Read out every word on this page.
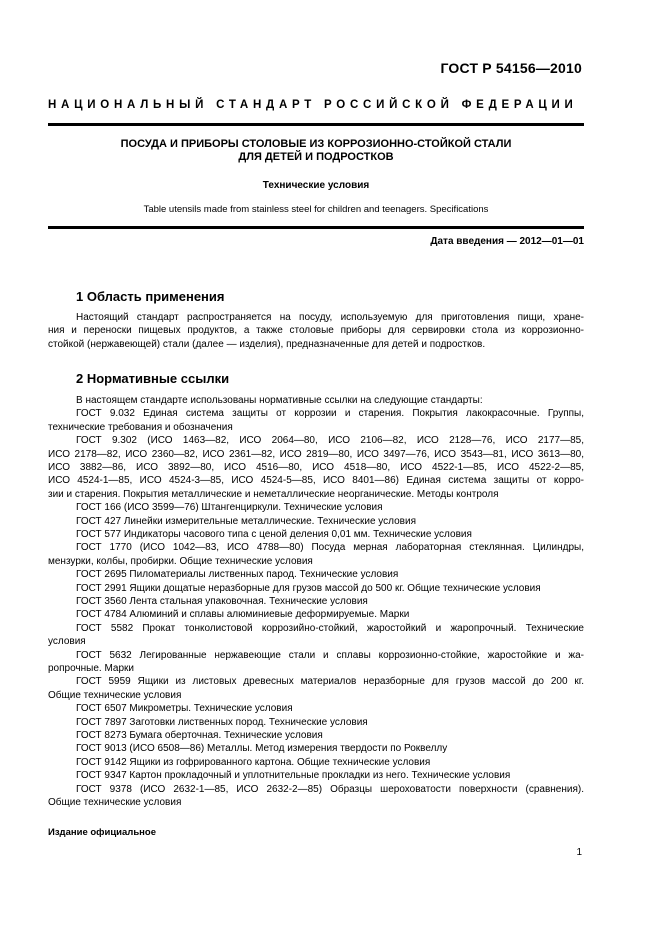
ГОСТ Р 54156—2010
НАЦИОНАЛЬНЫЙ СТАНДАРТ РОССИЙСКОЙ ФЕДЕРАЦИИ
ПОСУДА И ПРИБОРЫ СТОЛОВЫЕ ИЗ КОРРОЗИОННО-СТОЙКОЙ СТАЛИ
ДЛЯ ДЕТЕЙ И ПОДРОСТКОВ
Технические условия
Table utensils made from stainless steel for children and teenagers. Specifications
Дата введения — 2012—01—01
1 Область применения
Настоящий стандарт распространяется на посуду, используемую для приготовления пищи, хране-
ния и переноски пищевых продуктов, а также столовые приборы для сервировки стола из коррозионно-
стойкой (нержавеющей) стали (далее — изделия), предназначенные для детей и подростков.
2 Нормативные ссылки
В настоящем стандарте использованы нормативные ссылки на следующие стандарты:
ГОСТ 9.032 Единая система защиты от коррозии и старения. Покрытия лакокрасочные. Группы,
технические требования и обозначения
ГОСТ 9.302 (ИСО 1463—82, ИСО 2064—80, ИСО 2106—82, ИСО 2128—76, ИСО 2177—85,
ИСО 2178—82, ИСО 2360—82, ИСО 2361—82, ИСО 2819—80, ИСО 3497—76, ИСО 3543—81, ИСО 3613—80,
ИСО 3882—86, ИСО 3892—80, ИСО 4516—80, ИСО 4518—80, ИСО 4522-1—85, ИСО 4522-2—85,
ИСО 4524-1—85, ИСО 4524-3—85, ИСО 4524-5—85, ИСО 8401—86) Единая система защиты от корро-
зии и старения. Покрытия металлические и неметаллические неорганические. Методы контроля
ГОСТ 166 (ИСО 3599—76) Штангенциркули. Технические условия
ГОСТ 427 Линейки измерительные металлические. Технические условия
ГОСТ 577 Индикаторы часового типа с ценой деления 0,01 мм. Технические условия
ГОСТ 1770 (ИСО 1042—83, ИСО 4788—80) Посуда мерная лабораторная стеклянная. Цилиндры,
мензурки, колбы, пробирки. Общие технические условия
ГОСТ 2695 Пиломатериалы лиственных парод. Технические условия
ГОСТ 2991 Ящики дощатые неразборные для грузов массой до 500 кг. Общие технические условия
ГОСТ 3560 Лента стальная упаковочная. Технические условия
ГОСТ 4784 Алюминий и сплавы алюминиевые деформируемые. Марки
ГОСТ 5582 Прокат тонколистовой коррозийно-стойкий, жаростойкий и жаропрочный. Технические
условия
ГОСТ 5632 Легированные нержавеющие стали и сплавы коррозионно-стойкие, жаростойкие и жа-
ропрочные. Марки
ГОСТ 5959 Ящики из листовых древесных материалов неразборные для грузов массой до 200 кг.
Общие технические условия
ГОСТ 6507 Микрометры. Технические условия
ГОСТ 7897 Заготовки лиственных пород. Технические условия
ГОСТ 8273 Бумага оберточная. Технические условия
ГОСТ 9013 (ИСО 6508—86) Металлы. Метод измерения твердости по Роквеллу
ГОСТ 9142 Ящики из гофрированного картона. Общие технические условия
ГОСТ 9347 Картон прокладочный и уплотнительные прокладки из него. Технические условия
ГОСТ 9378 (ИСО 2632-1—85, ИСО 2632-2—85) Образцы шероховатости поверхности (сравнения).
Общие технические условия
Издание официальное
1
